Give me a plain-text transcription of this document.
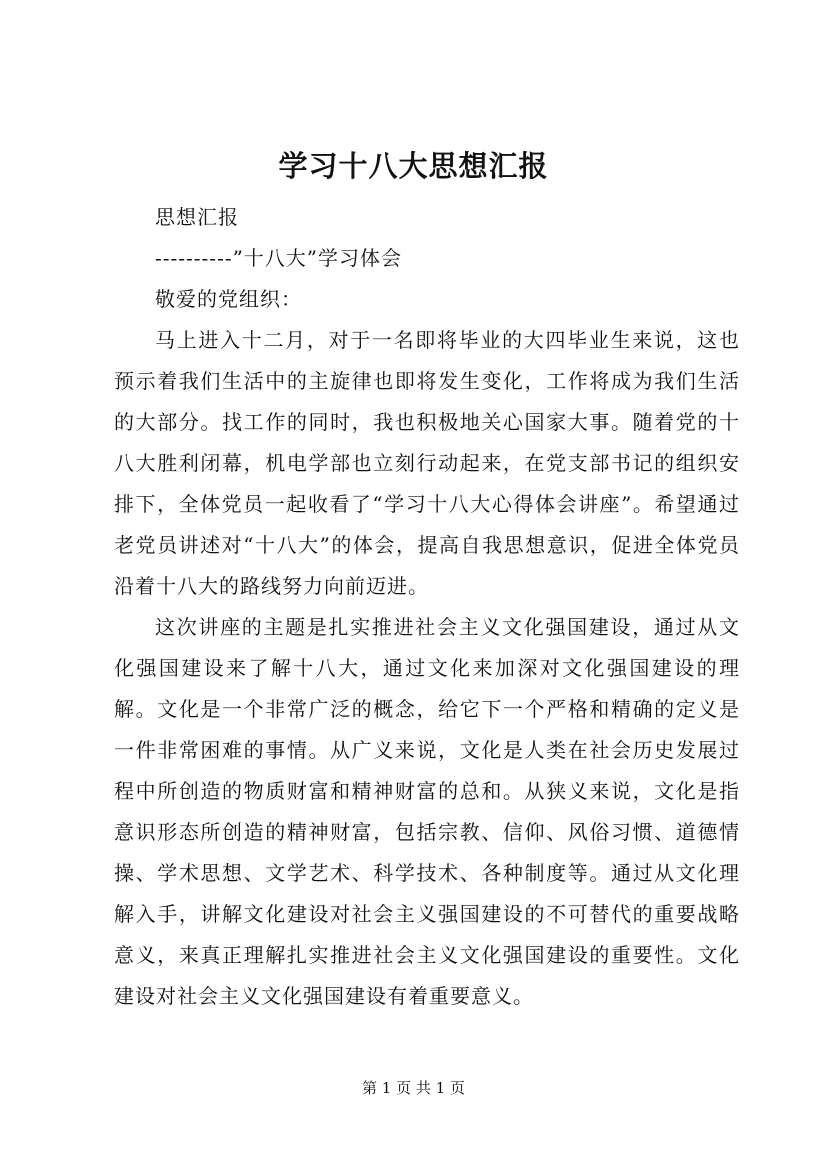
学习十八大思想汇报

思想汇报

----------”十八大”学习体会

敬爱的党组织：

马上进入十二月，对于一名即将毕业的大四毕业生来说，这也预示着我们生活中的主旋律也即将发生变化，工作将成为我们生活的大部分。找工作的同时，我也积极地关心国家大事。随着党的十八大胜利闭幕，机电学部也立刻行动起来，在党支部书记的组织安排下，全体党员一起收看了“学习十八大心得体会讲座”。希望通过老党员讲述对“十八大”的体会，提高自我思想意识，促进全体党员沿着十八大的路线努力向前迈进。

这次讲座的主题是扎实推进社会主义文化强国建设，通过从文化强国建设来了解十八大，通过文化来加深对文化强国建设的理解。文化是一个非常广泛的概念，给它下一个严格和精确的定义是一件非常困难的事情。从广义来说，文化是人类在社会历史发展过程中所创造的物质财富和精神财富的总和。从狭义来说，文化是指意识形态所创造的精神财富，包括宗教、信仰、风俗习惯、道德情操、学术思想、文学艺术、科学技术、各种制度等。通过从文化理解入手，讲解文化建设对社会主义强国建设的不可替代的重要战略意义，来真正理解扎实推进社会主义文化强国建设的重要性。文化建设对社会主义文化强国建设有着重要意义。

第 1 页 共 1 页
